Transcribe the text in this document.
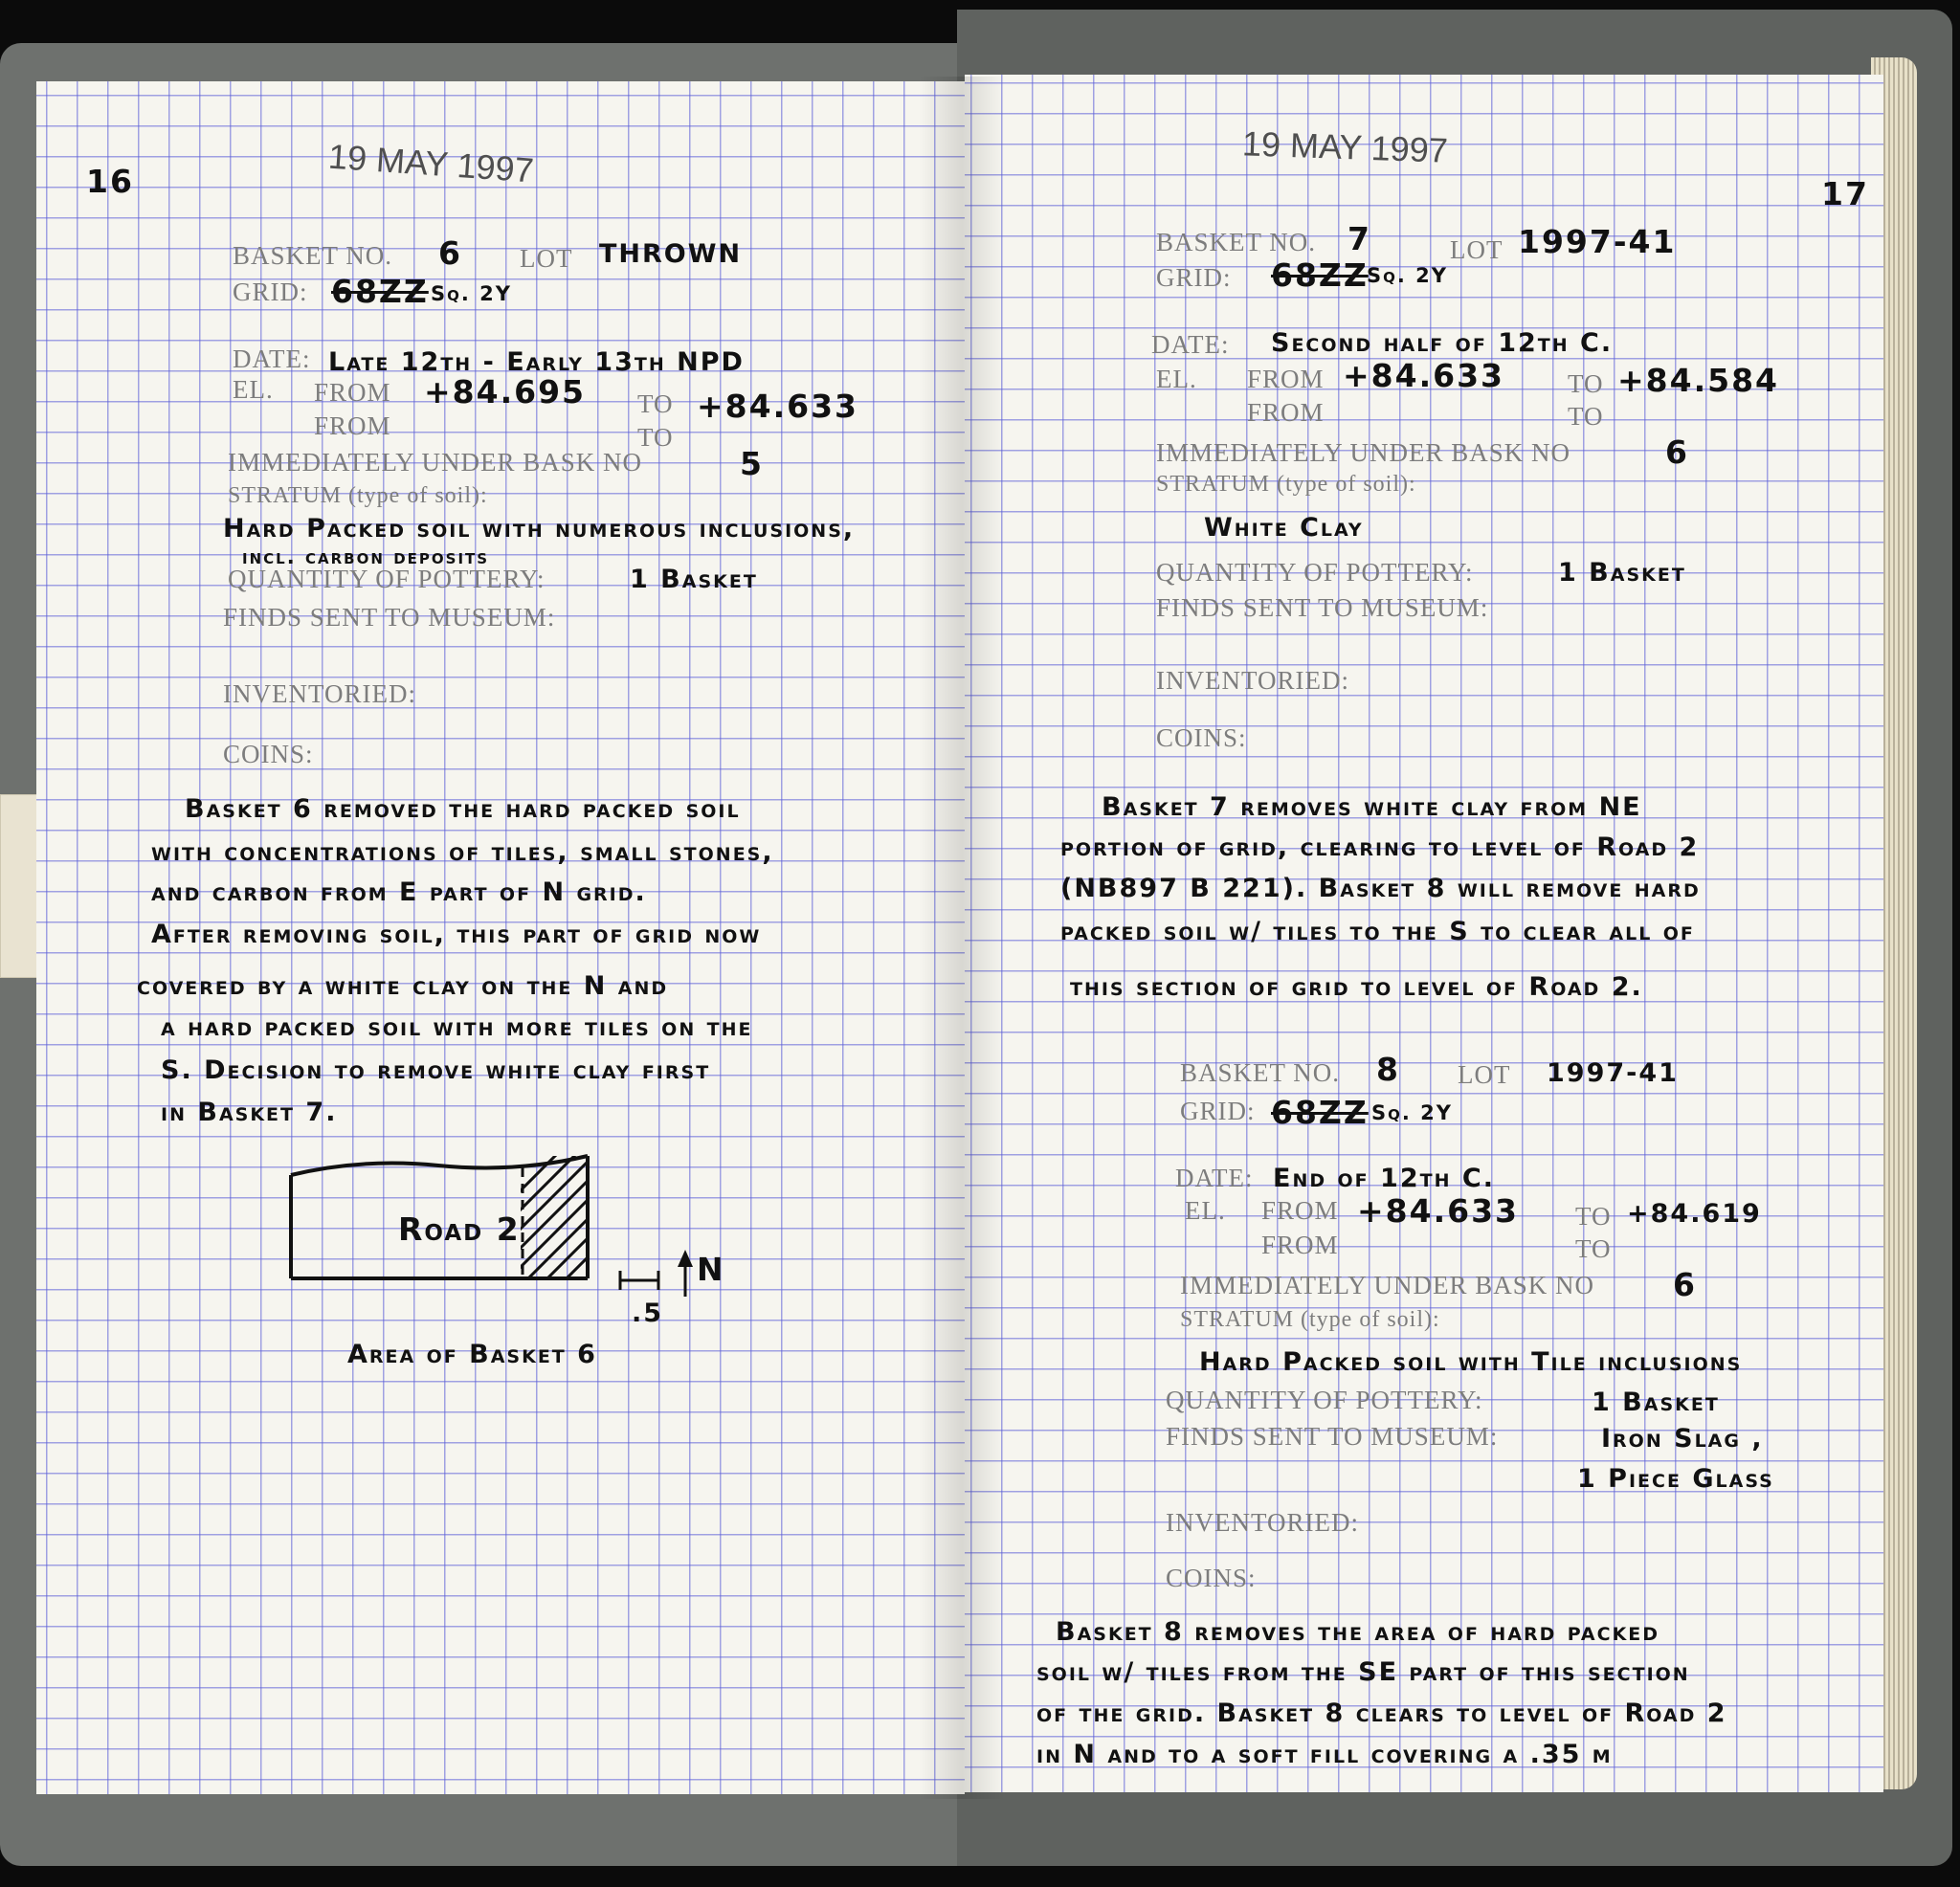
16	19 MAY 1997
BASKET NO. 6 LOT THROWN
GRID: 68ZZ Sq. 2Y
DATE: Late 12th - Early 13th NPD
EL. FROM +84.695 TO +84.633
FROM	TO
IMMEDIATELY UNDER BASK NO	5
STRATUM (type of soil):
Hard Packed soil with numerous inclusions,
incl. carbon deposits
QUANTITY OF POTTERY:	1 Basket
FINDS SENT TO MUSEUM:
INVENTORIED:
COINS:
Basket 6 removed the hard packed soil
with concentrations of tiles, small stones,
and carbon from E part of N grid.
After removing soil, this part of grid now
covered by a white clay on the N and
a hard packed soil with more tiles on the
S. Decision to remove white clay first
in Basket 7.
Road 2
.5
N
Area of Basket 6
17
19 MAY 1997
BASKET NO. 7	LOT 1997-41
GRID: 68ZZ
Sq. 2Y
DATE: Second half of 12th C.
EL. FROM +84.633 TO +84.584
FROM	TO
IMMEDIATELY UNDER BASK NO	6
STRATUM (type of soil):
White Clay
QUANTITY OF POTTERY:	1 Basket
FINDS SENT TO MUSEUM:
INVENTORIED:
COINS:
Basket 7 removes white clay from NE
portion of grid, clearing to level of Road 2
(NB897 B 221). Basket 8 will remove hard
packed soil w/ tiles to the S to clear all of
this section of grid to level of Road 2.
BASKET NO. 8 LOT 1997-41
GRID: 68ZZ Sq. 2Y
DATE: End of 12th C.
EL. FROM +84.633 TO +84.619
FROM	TO
IMMEDIATELY UNDER BASK NO 6
STRATUM (type of soil):
Hard Packed soil with Tile inclusions
QUANTITY OF POTTERY:	1 Basket
FINDS SENT TO MUSEUM:	Iron Slag ,
1 Piece Glass
INVENTORIED:
COINS:
Basket 8 removes the area of hard packed
soil w/ tiles from the SE part of this section
of the grid. Basket 8 clears to level of Road 2
in N and to a soft fill covering a .35 m
